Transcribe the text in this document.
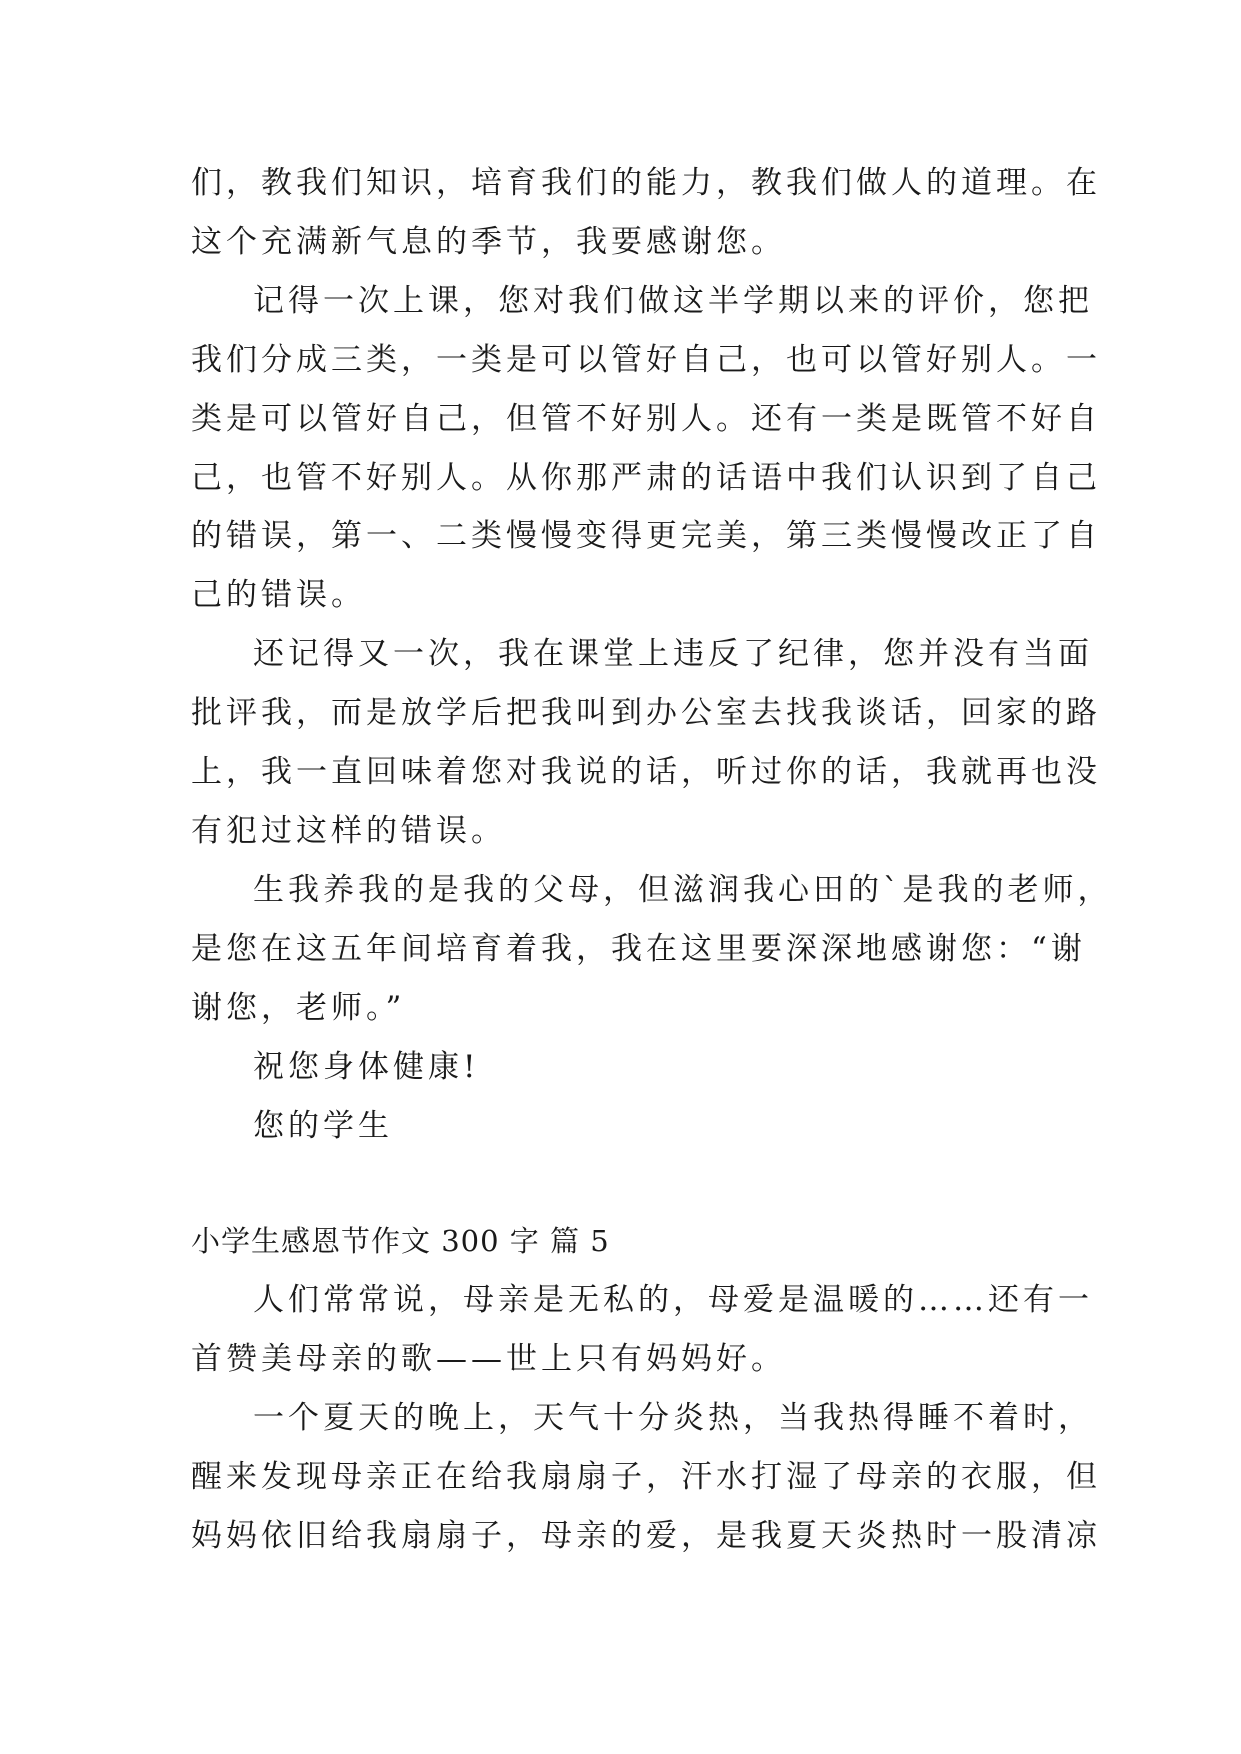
们，教我们知识，培育我们的能力，教我们做人的道理。在
这个充满新气息的季节，我要感谢您。
记得一次上课，您对我们做这半学期以来的评价，您把
我们分成三类，一类是可以管好自己，也可以管好别人。一
类是可以管好自己，但管不好别人。还有一类是既管不好自
己，也管不好别人。从你那严肃的话语中我们认识到了自己
的错误，第一、二类慢慢变得更完美，第三类慢慢改正了自
己的错误。
还记得又一次，我在课堂上违反了纪律，您并没有当面
批评我，而是放学后把我叫到办公室去找我谈话，回家的路
上，我一直回味着您对我说的话，听过你的话，我就再也没
有犯过这样的错误。
生我养我的是我的父母，但滋润我心田的`是我的老师，
是您在这五年间培育着我，我在这里要深深地感谢您：“谢
谢您，老师。”
祝您身体健康!
您的学生
小学生感恩节作文 300 字 篇 5
人们常常说，母亲是无私的，母爱是温暖的……还有一
首赞美母亲的歌——世上只有妈妈好。
一个夏天的晚上，天气十分炎热，当我热得睡不着时，
醒来发现母亲正在给我扇扇子，汗水打湿了母亲的衣服，但
妈妈依旧给我扇扇子，母亲的爱，是我夏天炎热时一股清凉
